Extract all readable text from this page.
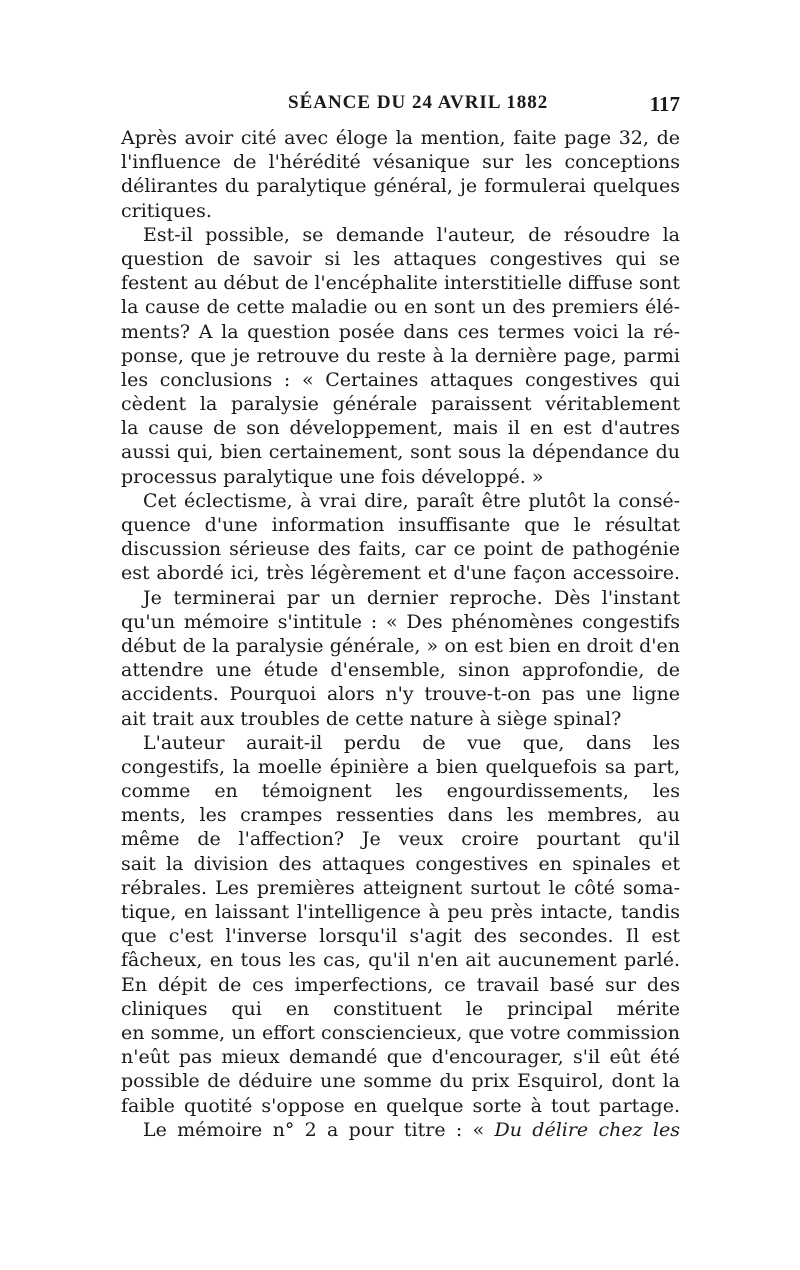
SÉANCE DU 24 AVRIL 1882	117
Après avoir cité avec éloge la mention, faite page 32, de
l'influence de l'hérédité vésanique sur les conceptions
délirantes du paralytique général, je formulerai quelques
critiques.
Est-il possible, se demande l'auteur, de résoudre la
question de savoir si les attaques congestives qui se
festent au début de l'encéphalite interstitielle diffuse sont
la cause de cette maladie ou en sont un des premiers élé-
ments? A la question posée dans ces termes voici la ré-
ponse, que je retrouve du reste à la dernière page, parmi
les conclusions : « Certaines attaques congestives qui
cèdent la paralysie générale paraissent véritablement
la cause de son développement, mais il en est d'autres
aussi qui, bien certainement, sont sous la dépendance du
processus paralytique une fois développé. »
Cet éclectisme, à vrai dire, paraît être plutôt la consé-
quence d'une information insuffisante que le résultat
discussion sérieuse des faits, car ce point de pathogénie
est abordé ici, très légèrement et d'une façon accessoire.
Je terminerai par un dernier reproche. Dès l'instant
qu'un mémoire s'intitule : « Des phénomènes congestifs
début de la paralysie générale, » on est bien en droit d'en
attendre une étude d'ensemble, sinon approfondie, de
accidents. Pourquoi alors n'y trouve-t-on pas une ligne
ait trait aux troubles de cette nature à siège spinal?
L'auteur aurait-il perdu de vue que, dans les
congestifs, la moelle épinière a bien quelquefois sa part,
comme en témoignent les engourdissements, les
ments, les crampes ressenties dans les membres, au
même de l'affection? Je veux croire pourtant qu'il
sait la division des attaques congestives en spinales et
rébrales. Les premières atteignent surtout le côté soma-
tique, en laissant l'intelligence à peu près intacte, tandis
que c'est l'inverse lorsqu'il s'agit des secondes. Il est
fâcheux, en tous les cas, qu'il n'en ait aucunement parlé.
En dépit de ces imperfections, ce travail basé sur des
cliniques qui en constituent le principal mérite
en somme, un effort consciencieux, que votre commission
n'eût pas mieux demandé que d'encourager, s'il eût été
possible de déduire une somme du prix Esquirol, dont la
faible quotité s'oppose en quelque sorte à tout partage.
Le mémoire n° 2 a pour titre : « Du délire chez les
